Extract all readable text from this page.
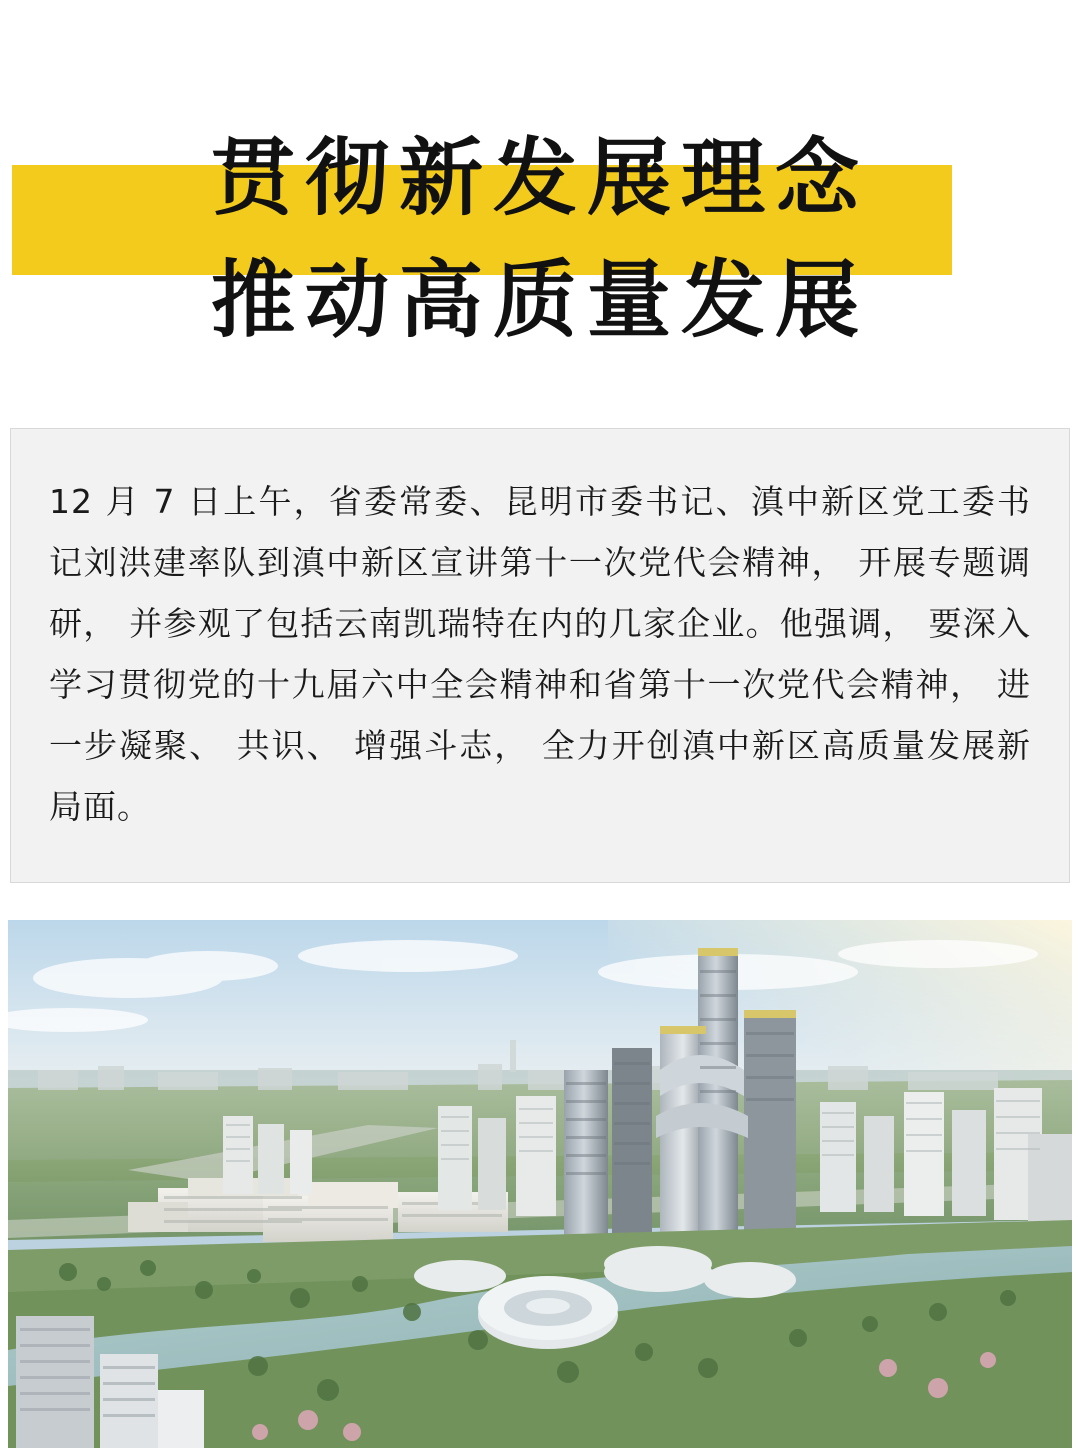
贯彻新发展理念
推动高质量发展
12 月 7 日上午，省委常委、昆明市委书记、滇中新区党工委书记刘洪建率队到滇中新区宣讲第十一次党代会精神， 开展专题调研， 并参观了包括云南凯瑞特在内的几家企业。他强调， 要深入学习贯彻党的十九届六中全会精神和省第十一次党代会精神， 进一步凝聚、 共识、 增强斗志， 全力开创滇中新区高质量发展新局面。
